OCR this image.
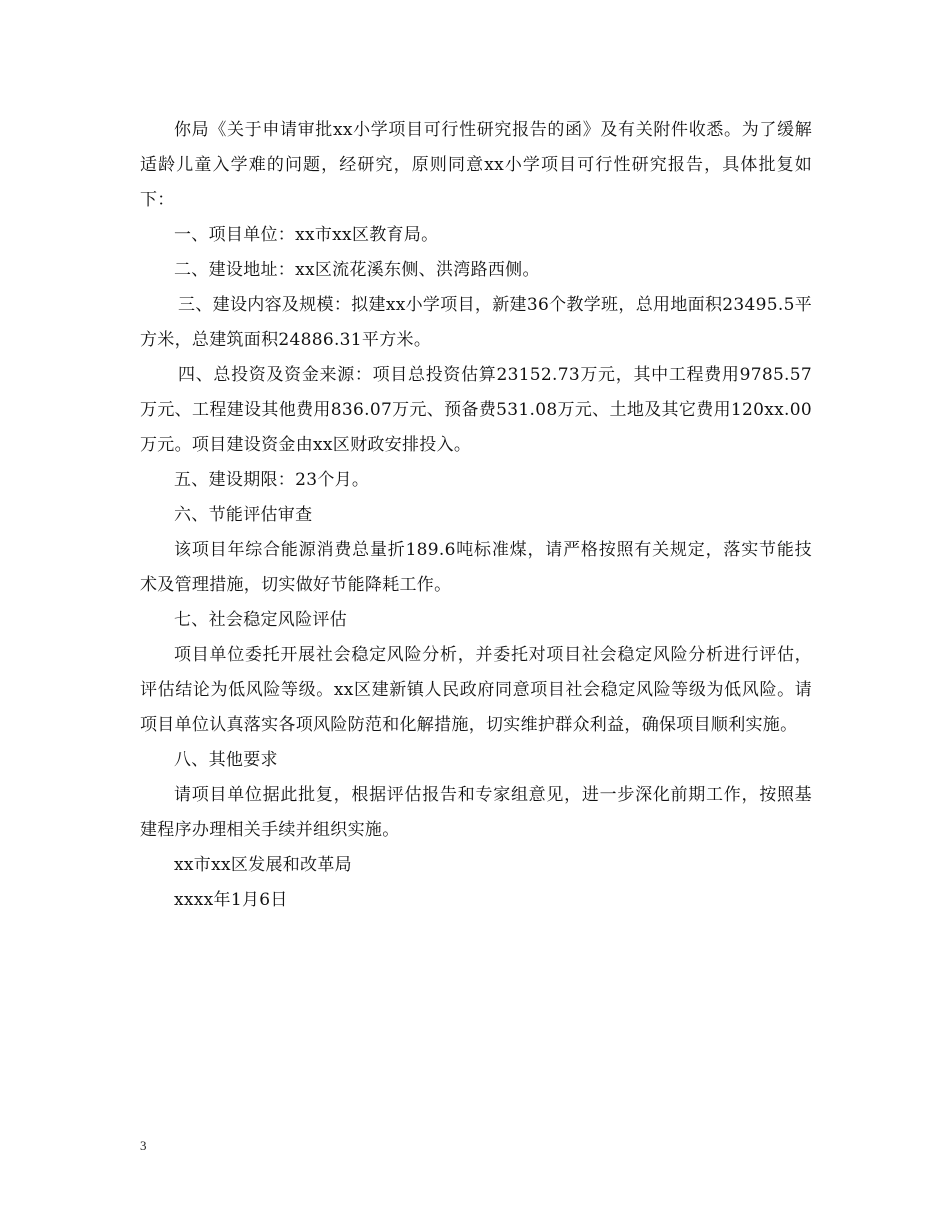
你局《关于申请审批xx小学项目可行性研究报告的函》及有关附件收悉。为了缓解适龄儿童入学难的问题，经研究，原则同意xx小学项目可行性研究报告，具体批复如下：

一、项目单位：xx市xx区教育局。

二、建设地址：xx区流花溪东侧、洪湾路西侧。

三、建设内容及规模：拟建xx小学项目，新建36个教学班，总用地面积23495.5平方米，总建筑面积24886.31平方米。

四、总投资及资金来源：项目总投资估算23152.73万元，其中工程费用9785.57万元、工程建设其他费用836.07万元、预备费531.08万元、土地及其它费用120xx.00万元。项目建设资金由xx区财政安排投入。

五、建设期限：23个月。

六、节能评估审查

该项目年综合能源消费总量折189.6吨标准煤，请严格按照有关规定，落实节能技术及管理措施，切实做好节能降耗工作。

七、社会稳定风险评估

项目单位委托开展社会稳定风险分析，并委托对项目社会稳定风险分析进行评估，评估结论为低风险等级。xx区建新镇人民政府同意项目社会稳定风险等级为低风险。请项目单位认真落实各项风险防范和化解措施，切实维护群众利益，确保项目顺利实施。

八、其他要求

请项目单位据此批复，根据评估报告和专家组意见，进一步深化前期工作，按照基建程序办理相关手续并组织实施。

xx市xx区发展和改革局

xxxx年1月6日

3
